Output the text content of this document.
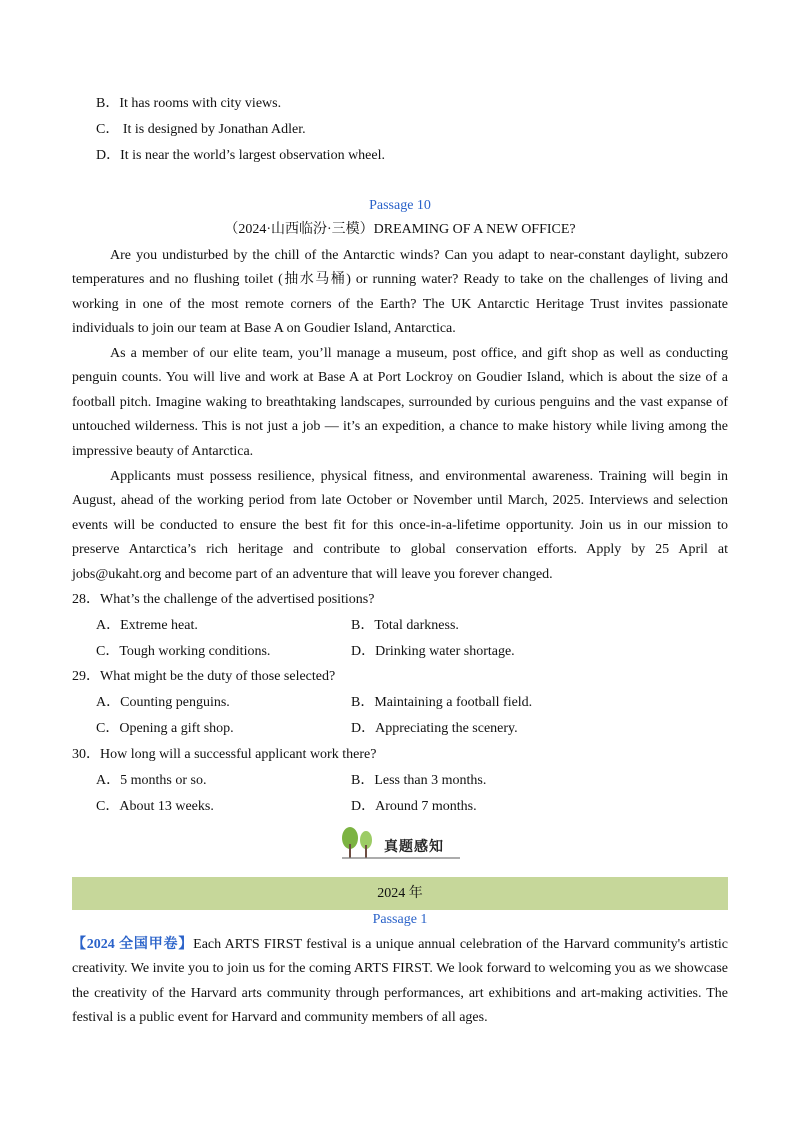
B．It has rooms with city views.
C． It is designed by Jonathan Adler.
D．It is near the world’s largest observation wheel.
Passage 10
（2024·山西临汾·三模）DREAMING OF A NEW OFFICE?
Are you undisturbed by the chill of the Antarctic winds? Can you adapt to near-constant daylight, subzero temperatures and no flushing toilet (抽水马桶) or running water? Ready to take on the challenges of living and working in one of the most remote corners of the Earth? The UK Antarctic Heritage Trust invites passionate individuals to join our team at Base A on Goudier Island, Antarctica.
As a member of our elite team, you’ll manage a museum, post office, and gift shop as well as conducting penguin counts. You will live and work at Base A at Port Lockroy on Goudier Island, which is about the size of a football pitch. Imagine waking to breathtaking landscapes, surrounded by curious penguins and the vast expanse of untouched wilderness. This is not just a job — it’s an expedition, a chance to make history while living among the impressive beauty of Antarctica.
Applicants must possess resilience, physical fitness, and environmental awareness. Training will begin in August, ahead of the working period from late October or November until March, 2025. Interviews and selection events will be conducted to ensure the best fit for this once-in-a-lifetime opportunity. Join us in our mission to preserve Antarctica’s rich heritage and contribute to global conservation efforts. Apply by 25 April at jobs@ukaht.org and become part of an adventure that will leave you forever changed.
28．What’s the challenge of the advertised positions?
A．Extreme heat.	B．Total darkness.
C．Tough working conditions.	D．Drinking water shortage.
29．What might be the duty of those selected?
A．Counting penguins.	B．Maintaining a football field.
C．Opening a gift shop.	D．Appreciating the scenery.
30．How long will a successful applicant work there?
A．5 months or so.	B．Less than 3 months.
C．About 13 weeks.	D．Around 7 months.
真题感知
2024 年
Passage 1
【2024 全国甲卷】Each ARTS FIRST festival is a unique annual celebration of the Harvard community's artistic creativity. We invite you to join us for the coming ARTS FIRST. We look forward to welcoming you as we showcase the creativity of the Harvard arts community through performances, art exhibitions and art-making activities. The festival is a public event for Harvard and community members of all ages.
